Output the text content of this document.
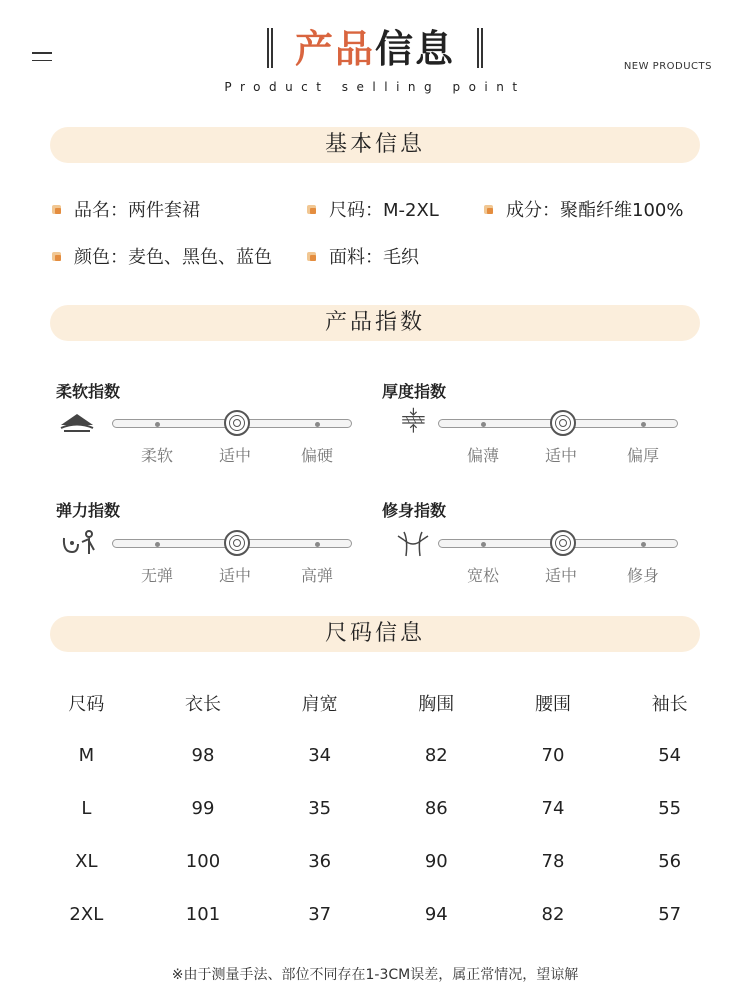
产品信息
Product selling point
NEW PRODUCTS
基本信息
品名：两件套裙	尺码：M-2XL	成分：聚酯纤维100%
颜色：麦色、黑色、蓝色	面料：毛织
产品指数
柔软指数
柔软	适中	偏硬
厚度指数
偏薄	适中	偏厚
弹力指数
无弹	适中	高弹
修身指数
宽松	适中	修身
尺码信息
尺码	衣长	肩宽	胸围	腰围	袖长
M	98	34	82	70	54
L	99	35	86	74	55
XL	100	36	90	78	56
2XL	101	37	94	82	57
※由于测量手法、部位不同存在1-3CM误差，属正常情况，望谅解
